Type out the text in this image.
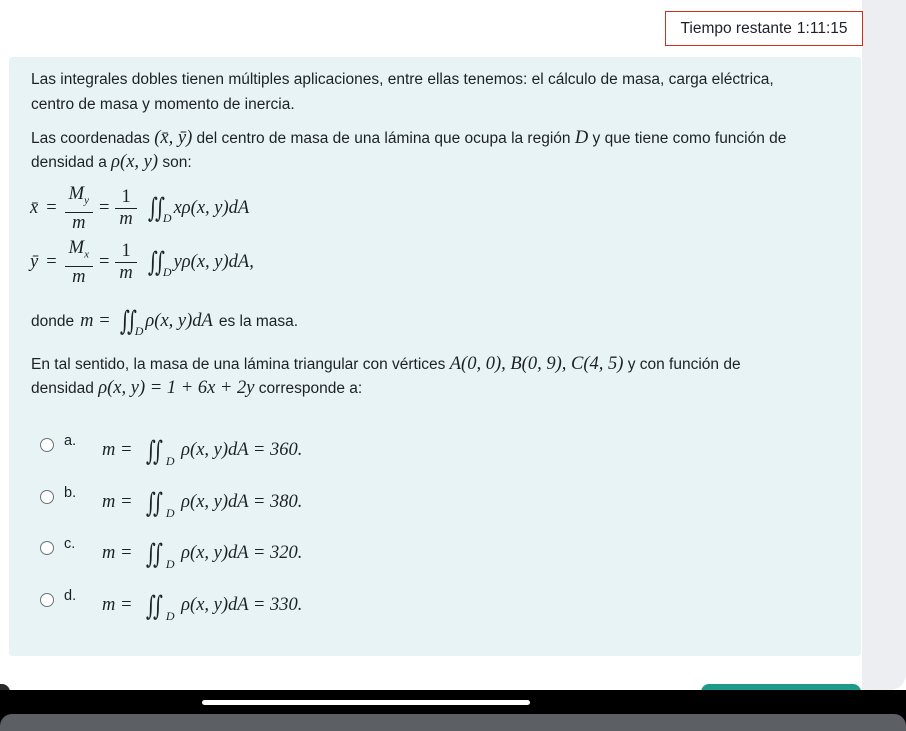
Tiempo restante 1:11:15
Las integrales dobles tienen múltiples aplicaciones, entre ellas tenemos: el cálculo de masa, carga eléctrica,
centro de masa y momento de inercia.
Las coordenadas (x̄, ȳ) del centro de masa de una lámina que ocupa la región D y que tiene como función de
densidad a ρ(x, y) son:
x̄ = $\frac{M_y}{m} = \frac{1}{m}$ ∫∫ D xρ(x, y)dA
ȳ = $\frac{M_x}{m} = \frac{1}{m}$ ∫∫ D yρ(x, y)dA,
donde m = ∫∫ D ρ(x, y)dA es la masa.
En tal sentido, la masa de una lámina triangular con vértices A(0, 0), B(0, 9), C(4, 5) y con función de
densidad ρ(x, y) = 1 + 6x + 2y corresponde a:
a.	m = ∫∫ $_D$ ρ(x, y)dA = 360.
b.	m = ∫∫ $_D$ ρ(x, y)dA = 380.
c.	m = ∫∫ $_D$ ρ(x, y)dA = 320.
d.	m = ∫∫ $_D$ ρ(x, y)dA = 330.
